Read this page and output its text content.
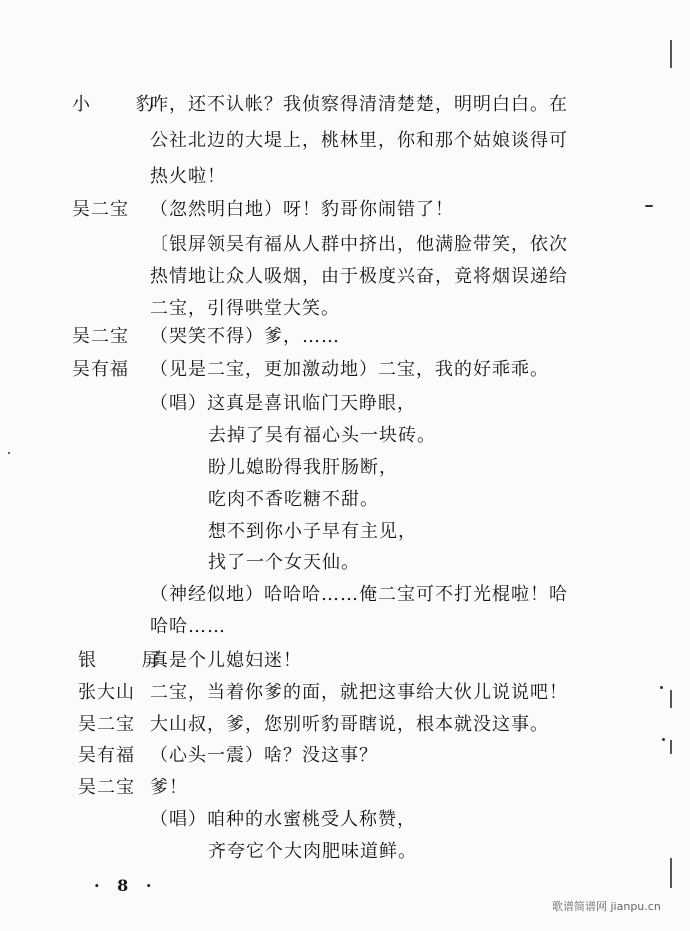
小 豹
咋，还不认帐？我侦察得清清楚楚，明明白白。在
公社北边的大堤上，桃林里，你和那个姑娘谈得可
热火啦！
吴二宝 （忽然明白地）呀！豹哥你闹错了！
〔银屏领吴有福从人群中挤出，他满脸带笑，依次
热情地让众人吸烟，由于极度兴奋，竟将烟误递给
二宝，引得哄堂大笑。
吴二宝 （哭笑不得）爹，……
吴有福 （见是二宝，更加激动地）二宝，我的好乖乖。
（唱）这真是喜讯临门天睁眼，
去掉了吴有福心头一块砖。
盼儿媳盼得我肝肠断，
吃肉不香吃糖不甜。
想不到你小子早有主见，
找了一个女天仙。
（神经似地）哈哈哈……俺二宝可不打光棍啦！哈
哈哈……
银 屏
真是个儿媳妇迷！
张大山 二宝，当着你爹的面，就把这事给大伙儿说说吧！
吴二宝 大山叔，爹，您别听豹哥瞎说，根本就没这事。
吴有福 （心头一震）啥？没这事？
吴二宝 爹！
（唱）咱种的水蜜桃受人称赞，
齐夸它个大肉肥味道鲜。
· 8 ·
歌谱简谱网 jianpu.cn
